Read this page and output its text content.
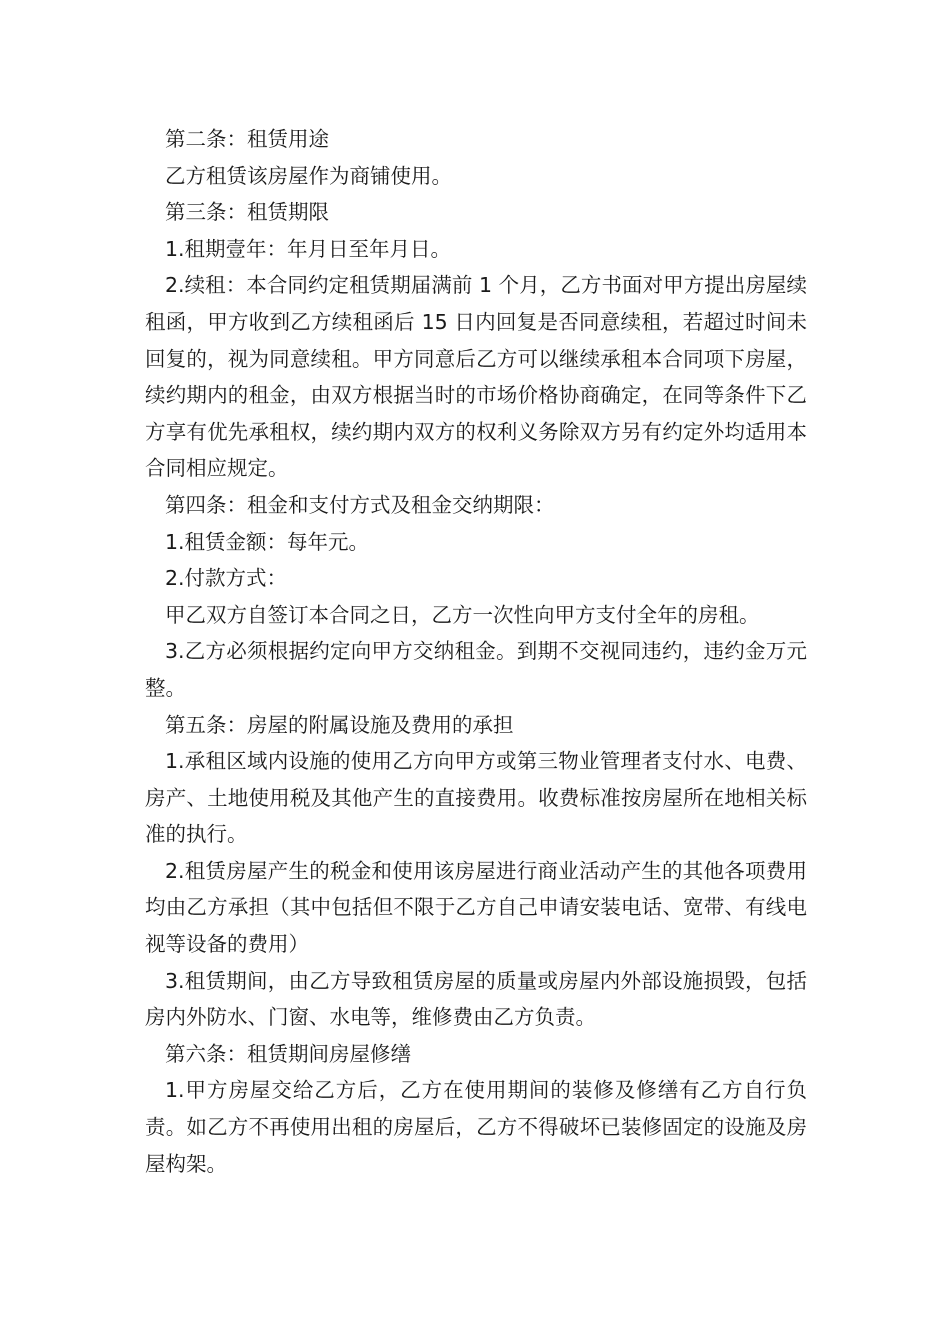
第二条：租赁用途

乙方租赁该房屋作为商铺使用。

第三条：租赁期限

1.租期壹年：年月日至年月日。

2.续租：本合同约定租赁期届满前 1 个月，乙方书面对甲方提出房屋续租函，甲方收到乙方续租函后 15 日内回复是否同意续租，若超过时间未回复的，视为同意续租。甲方同意后乙方可以继续承租本合同项下房屋，续约期内的租金，由双方根据当时的市场价格协商确定，在同等条件下乙方享有优先承租权，续约期内双方的权利义务除双方另有约定外均适用本合同相应规定。

第四条：租金和支付方式及租金交纳期限：

1.租赁金额：每年元。

2.付款方式：

甲乙双方自签订本合同之日，乙方一次性向甲方支付全年的房租。

3.乙方必须根据约定向甲方交纳租金。到期不交视同违约，违约金万元整。

第五条：房屋的附属设施及费用的承担

1.承租区域内设施的使用乙方向甲方或第三物业管理者支付水、电费、房产、土地使用税及其他产生的直接费用。收费标准按房屋所在地相关标准的执行。

2.租赁房屋产生的税金和使用该房屋进行商业活动产生的其他各项费用均由乙方承担（其中包括但不限于乙方自己申请安装电话、宽带、有线电视等设备的费用）

3.租赁期间，由乙方导致租赁房屋的质量或房屋内外部设施损毁，包括房内外防水、门窗、水电等，维修费由乙方负责。

第六条：租赁期间房屋修缮

1.甲方房屋交给乙方后，乙方在使用期间的装修及修缮有乙方自行负责。如乙方不再使用出租的房屋后，乙方不得破坏已装修固定的设施及房屋构架。
